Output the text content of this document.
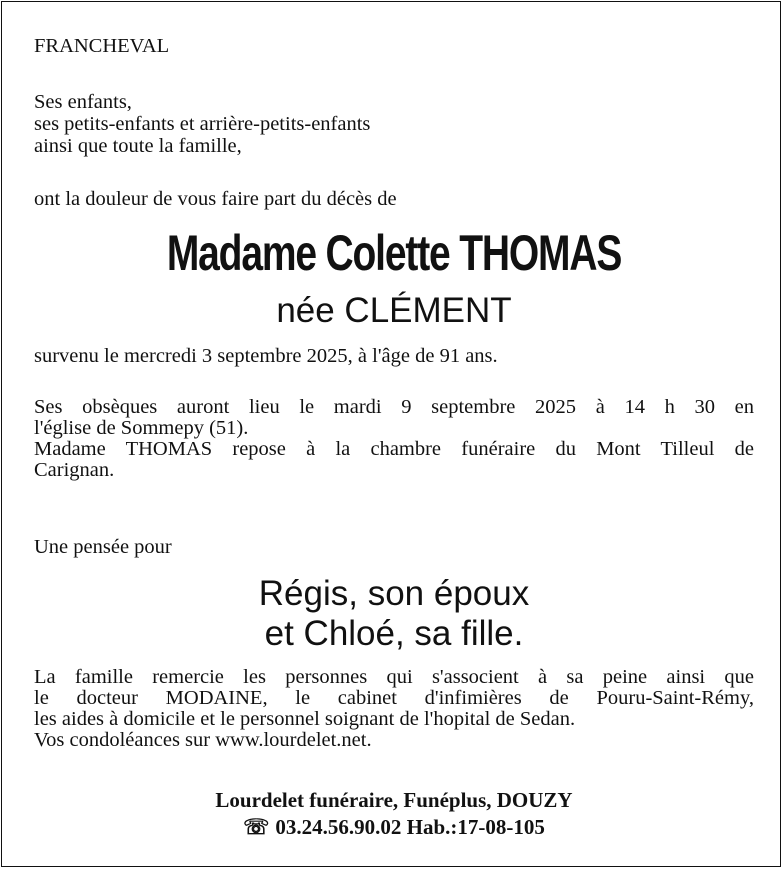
FRANCHEVAL
Ses enfants,
ses petits-enfants et arrière-petits-enfants
ainsi que toute la famille,
ont la douleur de vous faire part du décès de
Madame Colette THOMAS
née CLÉMENT
survenu le mercredi 3 septembre 2025, à l'âge de 91 ans.
Ses obsèques auront lieu le mardi 9 septembre 2025 à 14 h 30 en
l'église de Sommepy (51).
Madame THOMAS repose à la chambre funéraire du Mont Tilleul de
Carignan.
Une pensée pour
Régis, son époux
et Chloé, sa fille.
La famille remercie les personnes qui s'associent à sa peine ainsi que
le docteur MODAINE, le cabinet d'infimières de Pouru-Saint-Rémy,
les aides à domicile et le personnel soignant de l'hopital de Sedan.
Vos condoléances sur www.lourdelet.net.
Lourdelet funéraire, Funéplus, DOUZY
☏ 03.24.56.90.02 Hab.:17-08-105
